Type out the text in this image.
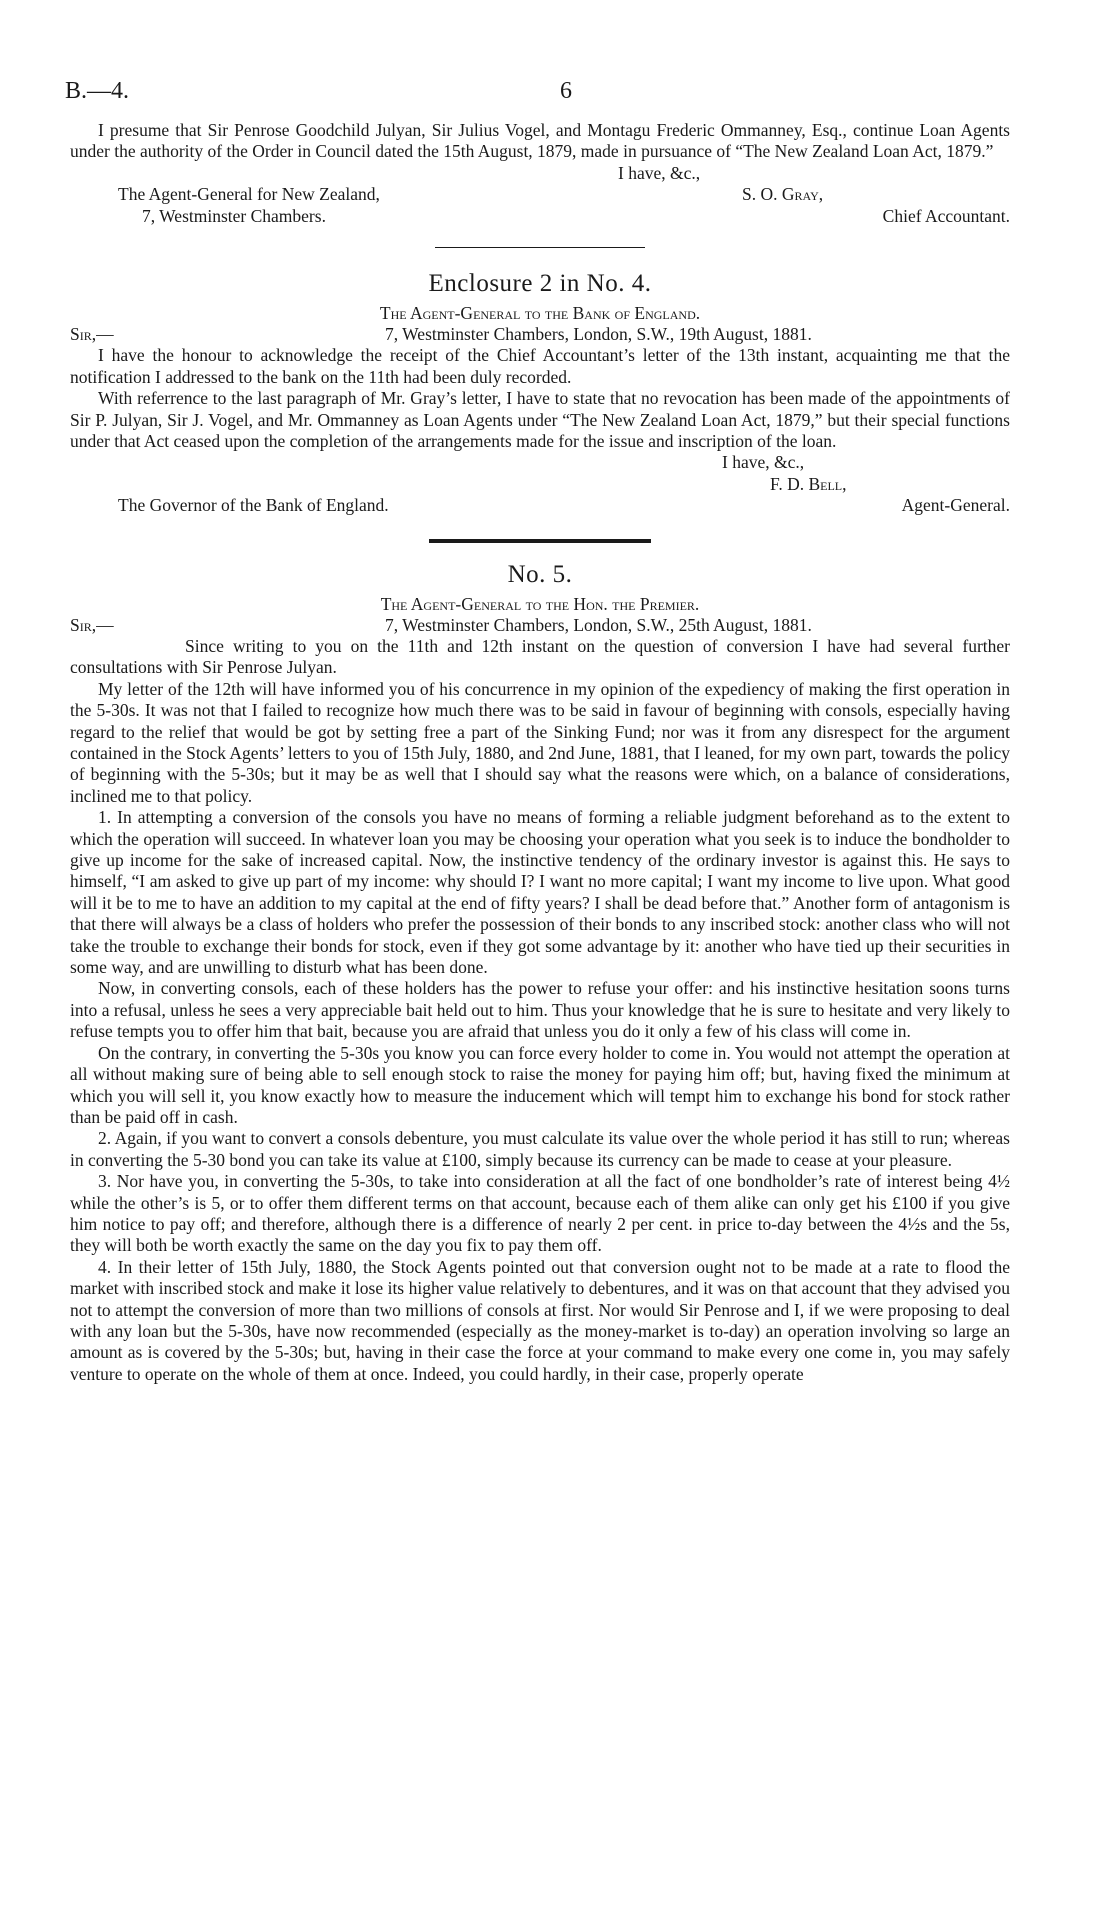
B.—4.	6

I presume that Sir Penrose Goodchild Julyan, Sir Julius Vogel, and Montagu Frederic Ommanney, Esq., continue Loan Agents under the authority of the Order in Council dated the 15th August, 1879, made in pursuance of “The New Zealand Loan Act, 1879.”

I have, &c.,
The Agent-General for New Zealand,	S. O. Gray,
7, Westminster Chambers.	Chief Accountant.
Enclosure 2 in No. 4.
The Agent-General to the Bank of England.
Sir,—	7, Westminster Chambers, London, S.W., 19th August, 1881.

I have the honour to acknowledge the receipt of the Chief Accountant’s letter of the 13th instant, acquainting me that the notification I addressed to the bank on the 11th had been duly recorded.

With referrence to the last paragraph of Mr. Gray’s letter, I have to state that no revocation has been made of the appointments of Sir P. Julyan, Sir J. Vogel, and Mr. Ommanney as Loan Agents under “The New Zealand Loan Act, 1879,” but their special functions under that Act ceased upon the completion of the arrangements made for the issue and inscription of the loan.

I have, &c.,
F. D. Bell,
The Governor of the Bank of England.	Agent-General.
No. 5.
The Agent-General to the Hon. the Premier.
Sir,—	7, Westminster Chambers, London, S.W., 25th August, 1881.

Since writing to you on the 11th and 12th instant on the question of conversion I have had several further consultations with Sir Penrose Julyan.

My letter of the 12th will have informed you of his concurrence in my opinion of the expediency of making the first operation in the 5-30s. It was not that I failed to recognize how much there was to be said in favour of beginning with consols, especially having regard to the relief that would be got by setting free a part of the Sinking Fund; nor was it from any disrespect for the argument contained in the Stock Agents’ letters to you of 15th July, 1880, and 2nd June, 1881, that I leaned, for my own part, towards the policy of beginning with the 5-30s; but it may be as well that I should say what the reasons were which, on a balance of considerations, inclined me to that policy.

1. In attempting a conversion of the consols you have no means of forming a reliable judgment beforehand as to the extent to which the operation will succeed. In whatever loan you may be choosing your operation what you seek is to induce the bondholder to give up income for the sake of increased capital. Now, the instinctive tendency of the ordinary investor is against this. He says to himself, “I am asked to give up part of my income: why should I? I want no more capital; I want my income to live upon. What good will it be to me to have an addition to my capital at the end of fifty years? I shall be dead before that.” Another form of antagonism is that there will always be a class of holders who prefer the possession of their bonds to any inscribed stock: another class who will not take the trouble to exchange their bonds for stock, even if they got some advantage by it: another who have tied up their securities in some way, and are unwilling to disturb what has been done.

Now, in converting consols, each of these holders has the power to refuse your offer: and his instinctive hesitation soons turns into a refusal, unless he sees a very appreciable bait held out to him. Thus your knowledge that he is sure to hesitate and very likely to refuse tempts you to offer him that bait, because you are afraid that unless you do it only a few of his class will come in.

On the contrary, in converting the 5-30s you know you can force every holder to come in. You would not attempt the operation at all without making sure of being able to sell enough stock to raise the money for paying him off; but, having fixed the minimum at which you will sell it, you know exactly how to measure the inducement which will tempt him to exchange his bond for stock rather than be paid off in cash.

2. Again, if you want to convert a consols debenture, you must calculate its value over the whole period it has still to run; whereas in converting the 5-30 bond you can take its value at £100, simply because its currency can be made to cease at your pleasure.

3. Nor have you, in converting the 5-30s, to take into consideration at all the fact of one bondholder’s rate of interest being 4½ while the other’s is 5, or to offer them different terms on that account, because each of them alike can only get his £100 if you give him notice to pay off; and therefore, although there is a difference of nearly 2 per cent. in price to-day between the 4½s and the 5s, they will both be worth exactly the same on the day you fix to pay them off.

4. In their letter of 15th July, 1880, the Stock Agents pointed out that conversion ought not to be made at a rate to flood the market with inscribed stock and make it lose its higher value relatively to debentures, and it was on that account that they advised you not to attempt the conversion of more than two millions of consols at first. Nor would Sir Penrose and I, if we were proposing to deal with any loan but the 5-30s, have now recommended (especially as the money-market is to-day) an operation involving so large an amount as is covered by the 5-30s; but, having in their case the force at your command to make every one come in, you may safely venture to operate on the whole of them at once. Indeed, you could hardly, in their case, properly operate
